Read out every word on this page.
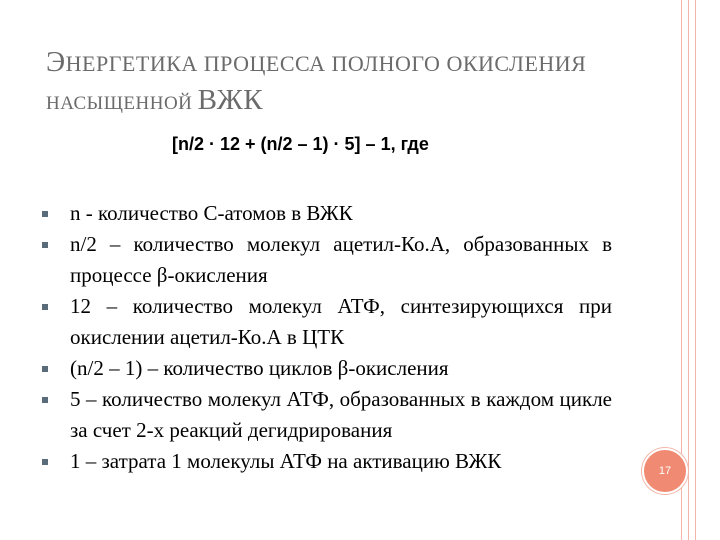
ЭНЕРГЕТИКА ПРОЦЕССА ПОЛНОГО ОКИСЛЕНИЯ
НАСЫЩЕННОЙ ВЖК
[n/2 · 12 + (n/2 – 1) · 5] – 1, где
n - количество С-атомов в ВЖК
n/2 – количество молекул ацетил-Ко.А, образованных в процессе β-окисления
12 – количество молекул АТФ, синтезирующихся при окислении ацетил-Ко.А в ЦТК
(n/2 – 1) – количество циклов β-окисления
5 – количество молекул АТФ, образованных в каждом цикле за счет 2-х реакций дегидрирования
1 – затрата 1 молекулы АТФ на активацию ВЖК	17
